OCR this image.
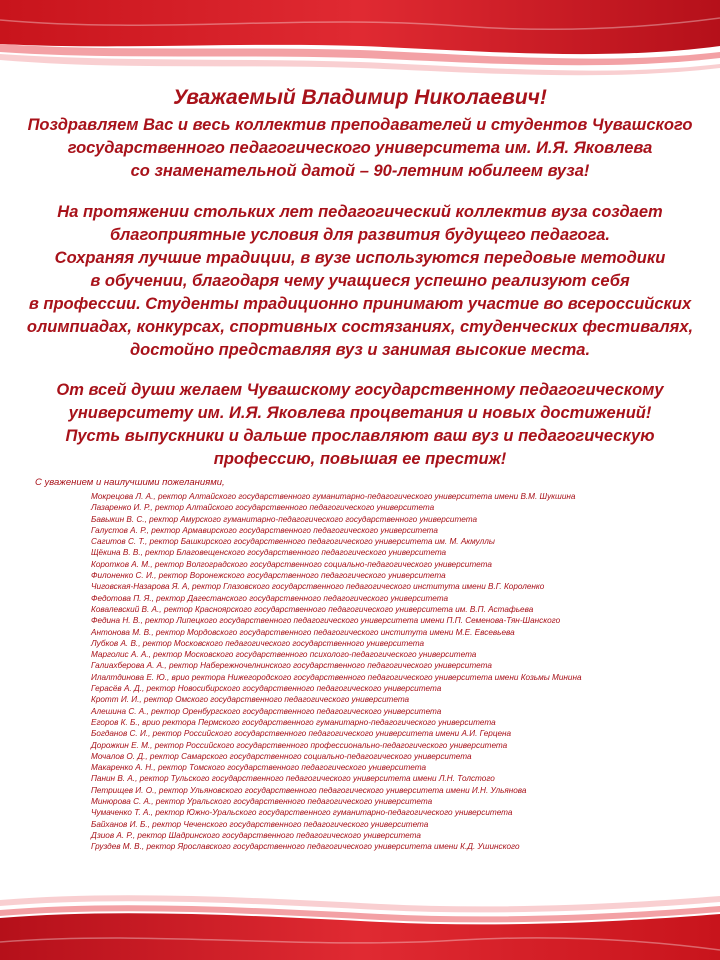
Уважаемый Владимир Николаевич!

Поздравляем Вас и весь коллектив преподавателей и студентов Чувашского
государственного педагогического университета им. И.Я. Яковлева
со знаменательной датой – 90-летним юбилеем вуза!

На протяжении стольких лет педагогический коллектив вуза создает
благоприятные условия для развития будущего педагога.
Сохраняя лучшие традиции, в вузе используются передовые методики
в обучении, благодаря чему учащиеся успешно реализуют себя
в профессии. Студенты традиционно принимают участие во всероссийских
олимпиадах, конкурсах, спортивных состязаниях, студенческих фестивалях,
достойно представляя вуз и занимая высокие места.

От всей души желаем Чувашскому государственному педагогическому
университету им. И.Я. Яковлева процветания и новых достижений!
Пусть выпускники и дальше прославляют ваш вуз и педагогическую
профессию, повышая ее престиж!

С уважением и наилучшими пожеланиями,
Мокрецова Л. А., ректор Алтайского государственного гуманитарно-педагогического университета имени В.М. Шукшина
Лазаренко И. Р., ректор Алтайского государственного педагогического университета
Бавыкин В. С., ректор Амурского гуманитарно-педагогического государственного университета
Галустов А. Р., ректор Армавирского государственного педагогического университета
Сагитов С. Т., ректор Башкирского государственного педагогического университета им. М. Акмуллы
Щёкина В. В., ректор Благовещенского государственного педагогического университета
Коротков А. М., ректор Волгоградского государственного социально-педагогического университета
Филоненко С. И., ректор Воронежского государственного педагогического университета
Чиговская-Назарова Я. А, ректор Глазовского государственного педагогического института имени В.Г. Короленко
Федотова П. Я., ректор Дагестанского государственного педагогического университета
Ковалевский В. А., ректор Красноярского государственного педагогического университета им. В.П. Астафьева
Федина Н. В., ректор Липецкого государственного педагогического университета имени П.П. Семенова-Тян-Шанского
Антонова М. В., ректор Мордовского государственного педагогического института имени М.Е. Евсевьева
Лубков А. В., ректор Московского педагогического государственного университета
Марголис А. А., ректор Московского государственного психолого-педагогического университета
Галиахберова А. А., ректор Набережночелнинского государственного педагогического университета
Илалтдинова Е. Ю., врио ректора Нижегородского государственного педагогического университета имени Козьмы Минина
Герасёв А. Д., ректор Новосибирского государственного педагогического университета
Кротт И. И., ректор Омского государственного педагогического университета
Алешина С. А., ректор Оренбургского государственного педагогического университета
Егоров К. Б., врио ректора Пермского государственного гуманитарно-педагогического университета
Богданов С. И., ректор Российского государственного педагогического университета имени А.И. Герцена
Дорожкин Е. М., ректор Российского государственного профессионально-педагогического университета
Мочалов О. Д., ректор Самарского государственного социально-педагогического университета
Макаренко А. Н., ректор Томского государственного педагогического университета
Панин В. А., ректор Тульского государственного педагогического университета имени Л.Н. Толстого
Петрищев И. О., ректор Ульяновского государственного педагогического университета имени И.Н. Ульянова
Минюрова С. А., ректор Уральского государственного педагогического университета
Чумаченко Т. А., ректор Южно-Уральского государственного гуманитарно-педагогического университета
Байханов И. Б., ректор Чеченского государственного педагогического университета
Дзиов А. Р., ректор Шадринского государственного педагогического университета
Груздев М. В., ректор Ярославского государственного педагогического университета имени К.Д. Ушинского
